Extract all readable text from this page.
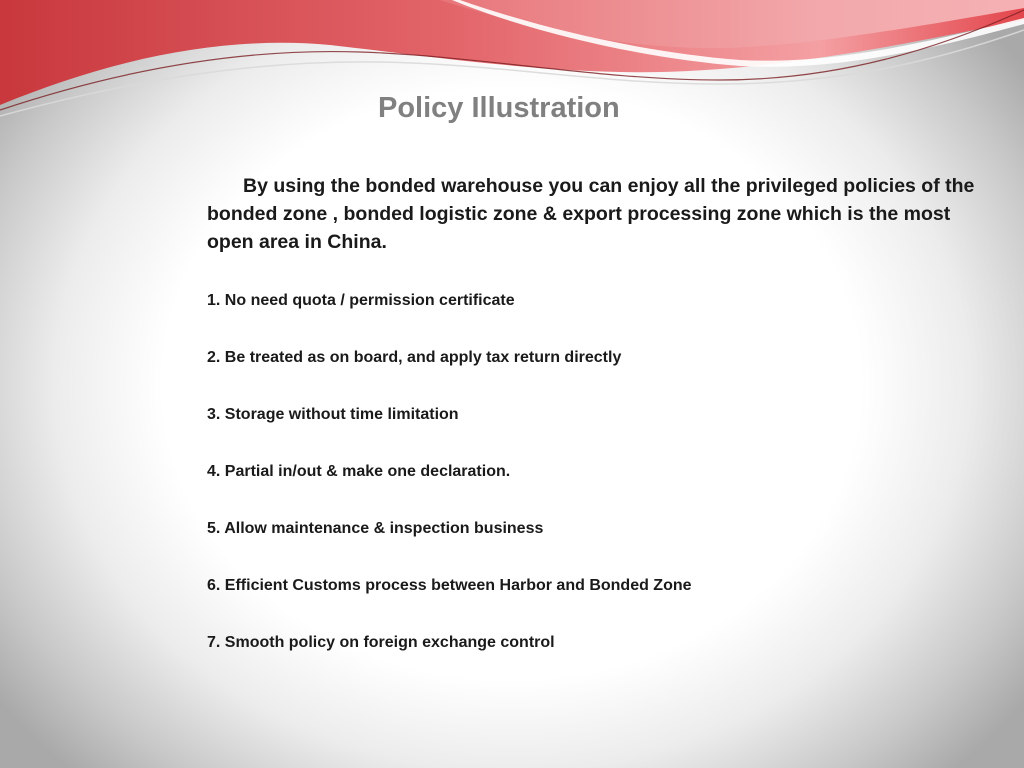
Policy Illustration

By using the bonded warehouse you can enjoy all the privileged policies of the bonded zone , bonded logistic zone & export processing zone which is the most open area in China.

1. No need quota / permission certificate
2. Be treated as on board, and apply tax return directly
3. Storage without time limitation
4. Partial in/out & make one declaration.
5. Allow maintenance & inspection business
6. Efficient Customs process between Harbor and Bonded Zone
7. Smooth policy on foreign exchange control
